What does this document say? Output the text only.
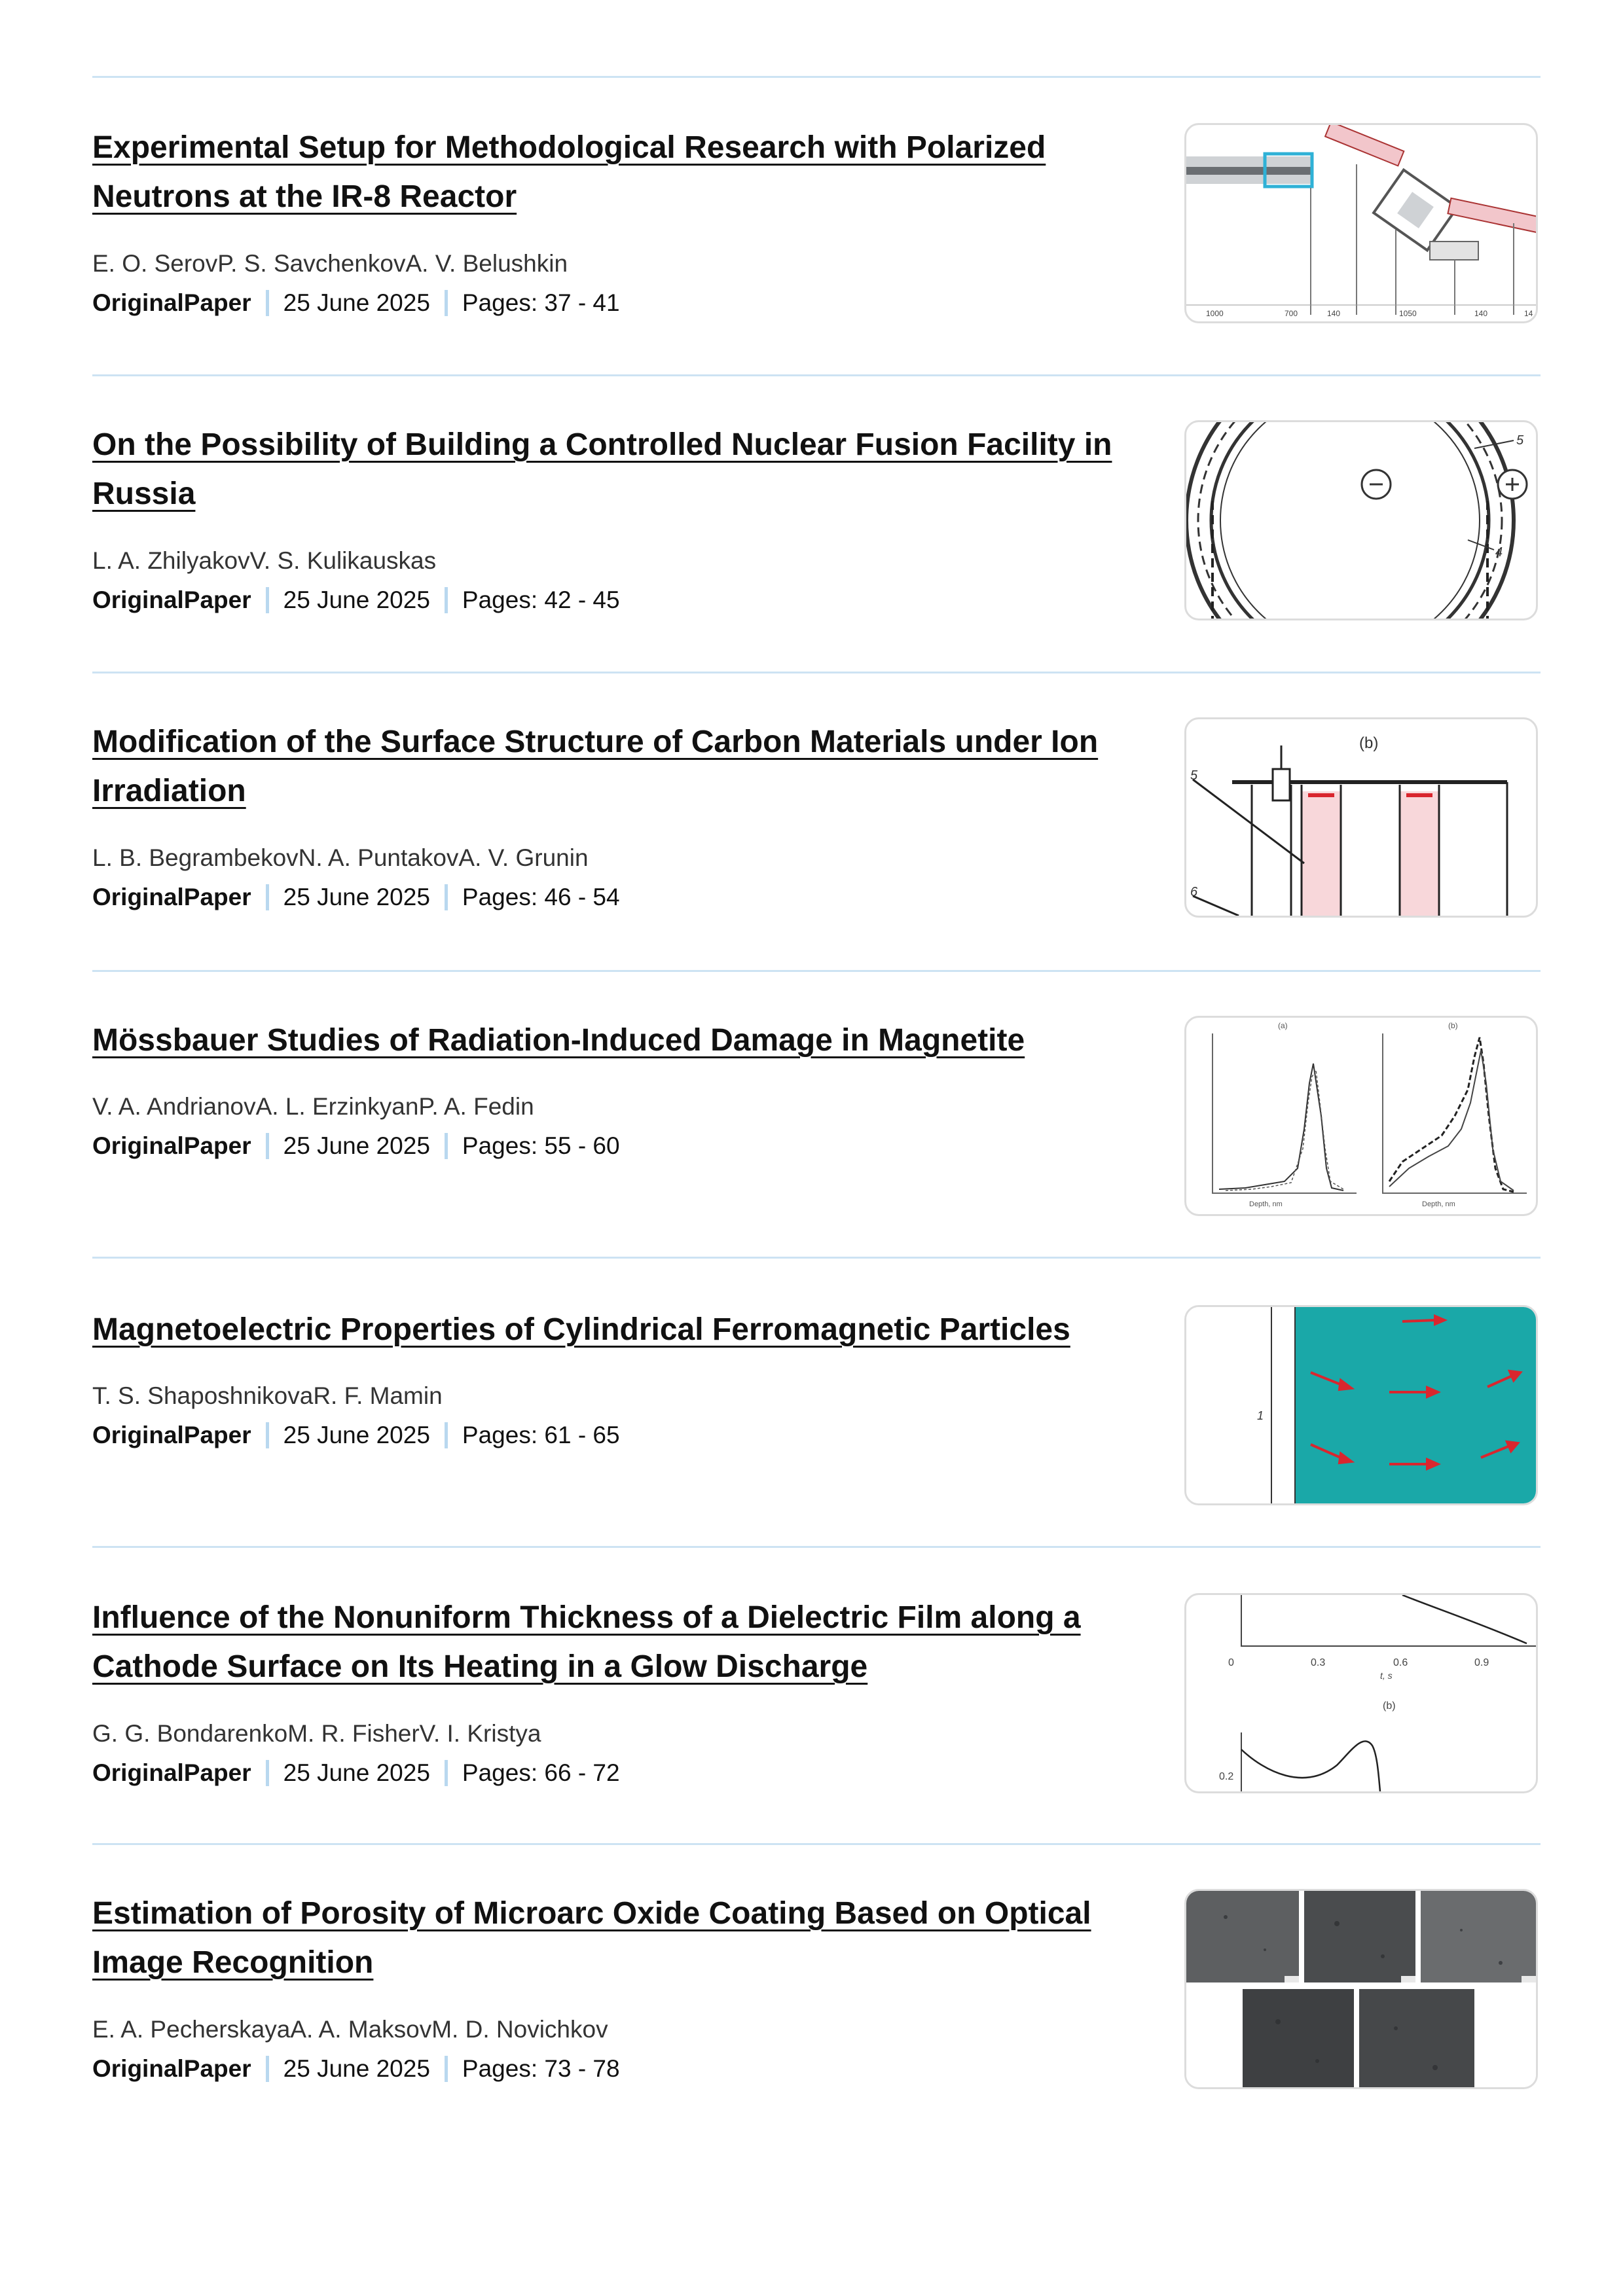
Experimental Setup for Methodological Research with Polarized Neutrons at the IR-8 Reactor
E. O. SerovP. S. SavchenkovA. V. Belushkin
OriginalPaper 25 June 2025 Pages: 37 - 41	1000	700	140	1050	140	14
On the Possibility of Building a Controlled Nuclear Fusion Facility in Russia
L. A. ZhilyakovV. S. Kulikauskas
OriginalPaper 25 June 2025 Pages: 42 - 45
5
4
Modification of the Surface Structure of Carbon Materials under Ion Irradiation
L. B. BegrambekovN. A. PuntakovA. V. Grunin
OriginalPaper 25 June 2025 Pages: 46 - 54
(b)
5
6
Mössbauer Studies of Radiation-Induced Damage in Magnetite
V. A. AndrianovA. L. ErzinkyanP. A. Fedin
OriginalPaper 25 June 2025 Pages: 55 - 60
(a)	(b)
Depth, nm	Depth, nm
Magnetoelectric Properties of Cylindrical Ferromagnetic Particles
T. S. ShaposhnikovaR. F. Mamin
OriginalPaper 25 June 2025 Pages: 61 - 65
1
Influence of the Nonuniform Thickness of a Dielectric Film along a Cathode Surface on Its Heating in a Glow Discharge
G. G. BondarenkoM. R. FisherV. I. Kristya
OriginalPaper 25 June 2025 Pages: 66 - 72
0	0.3	0.6	0.9
t, s
(b)
0.2
Estimation of Porosity of Microarc Oxide Coating Based on Optical Image Recognition
E. A. PecherskayaA. A. MaksovM. D. Novichkov
OriginalPaper 25 June 2025 Pages: 73 - 78
